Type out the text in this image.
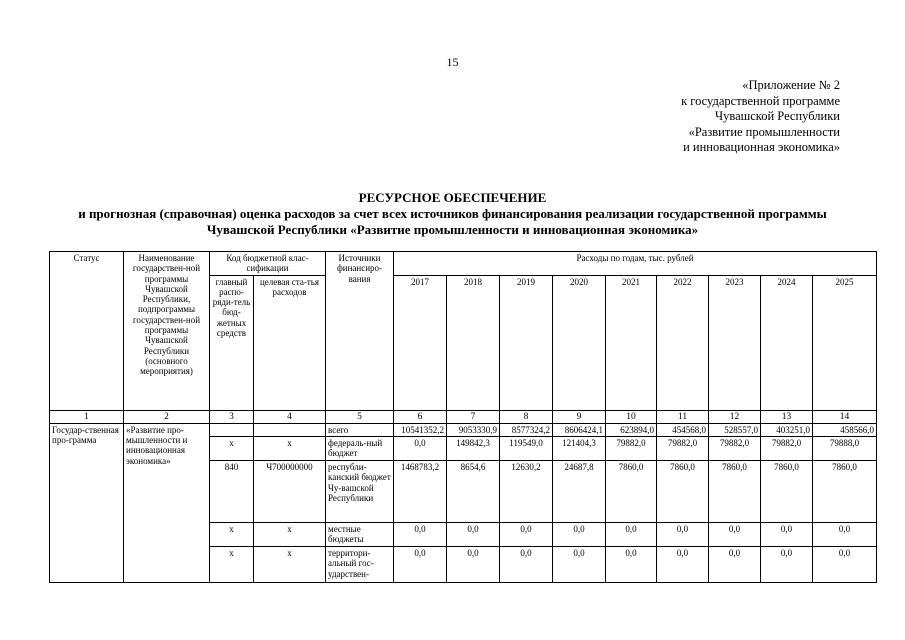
15
«Приложение № 2
к государственной программе
Чувашской Республики
«Развитие промышленности
и инновационная экономика»
РЕСУРСНОЕ ОБЕСПЕЧЕНИЕ
и прогнозная (справочная) оценка расходов за счет всех источников финансирования реализации государственной программы Чувашской Республики «Развитие промышленности и инновационная экономика»
Статус	Наименование государствен-ной программы Чувашской Республики, подпрограммы государствен-ной программы Чувашской Республики (основного мероприятия)	Код бюджетной клас-сификации		Источники финансиро-вания	Расходы по годам, тыс. рублей								
		главный распо-ряди-тель бюд-жетных средств	целевая ста-тья расходов		2017	2018	2019	2020	2021	2022	2023	2024	2025

1	2	3	4	5	6	7	8	9	10	11	12	13	14
Государ-ственная про-грамма	«Развитие про-мышленности и инновационная экономика»			всего	10541352,2	9053330,9	8577324,2	8606424,1	623894,0	454568,0	528557,0	403251,0	458566,0
		x	x	федераль-ный бюджет	0,0	149842,3	119549,0	121404,3	79882,0	79882,0	79882,0	79882,0	79888,0
		840	Ч700000000	республи-канский бюджет Чу-вашской Республики	1468783,2	8654,6	12630,2	24687,8	7860,0	7860,0	7860,0	7860,0	7860,0
		x	x	местные бюджеты	0,0	0,0	0,0	0,0	0,0	0,0	0,0	0,0	0,0
		x	x	территори-альный гос-ударствен-	0,0	0,0	0,0	0,0	0,0	0,0	0,0	0,0	0,0
